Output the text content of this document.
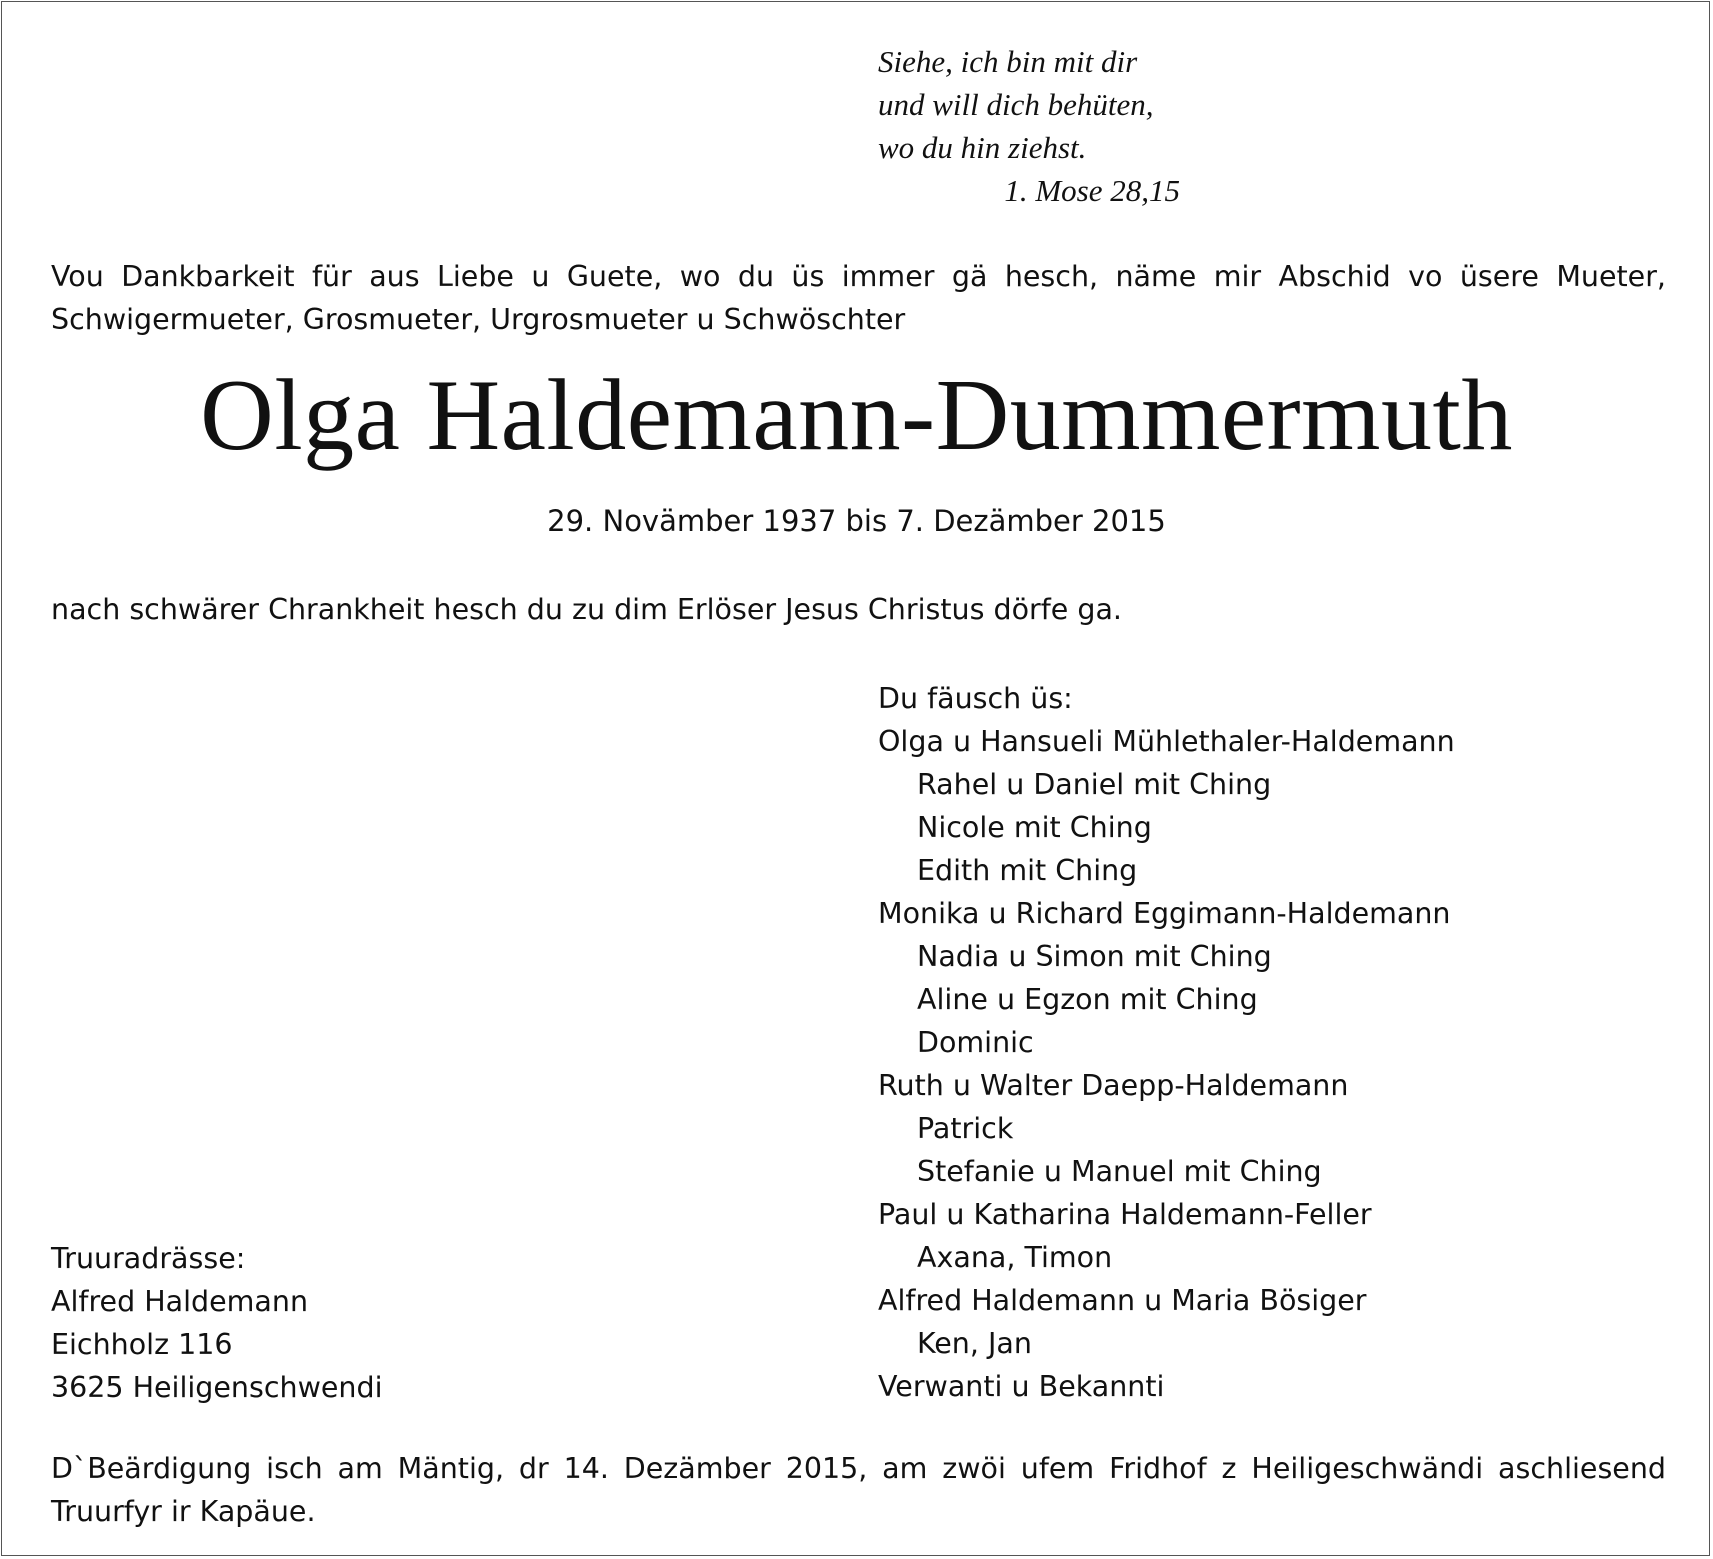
Siehe, ich bin mit dir
und will dich behüten,
wo du hin ziehst.
1. Mose 28,15
Vou Dankbarkeit für aus Liebe u Guete, wo du üs immer gä hesch, näme mir Abschid vo üsere Mueter, Schwigermueter, Grosmueter, Urgrosmueter u Schwöschter
Olga Haldemann-Dummermuth
29. Novämber 1937 bis 7. Dezämber 2015
nach schwärer Chrankheit hesch du zu dim Erlöser Jesus Christus dörfe ga.
Du fäusch üs:
Olga u Hansueli Mühlethaler-Haldemann
Rahel u Daniel mit Ching
Nicole mit Ching
Edith mit Ching
Monika u Richard Eggimann-Haldemann
Nadia u Simon mit Ching
Aline u Egzon mit Ching
Dominic
Ruth u Walter Daepp-Haldemann
Patrick
Stefanie u Manuel mit Ching
Paul u Katharina Haldemann-Feller
Axana, Timon
Alfred Haldemann u Maria Bösiger
Ken, Jan
Verwanti u Bekannti
Truuradrässe:
Alfred Haldemann
Eichholz 116
3625 Heiligenschwendi
D`Beärdigung isch am Mäntig, dr 14. Dezämber 2015, am zwöi ufem Fridhof z Heiligeschwändi aschliesend Truurfyr ir Kapäue.
